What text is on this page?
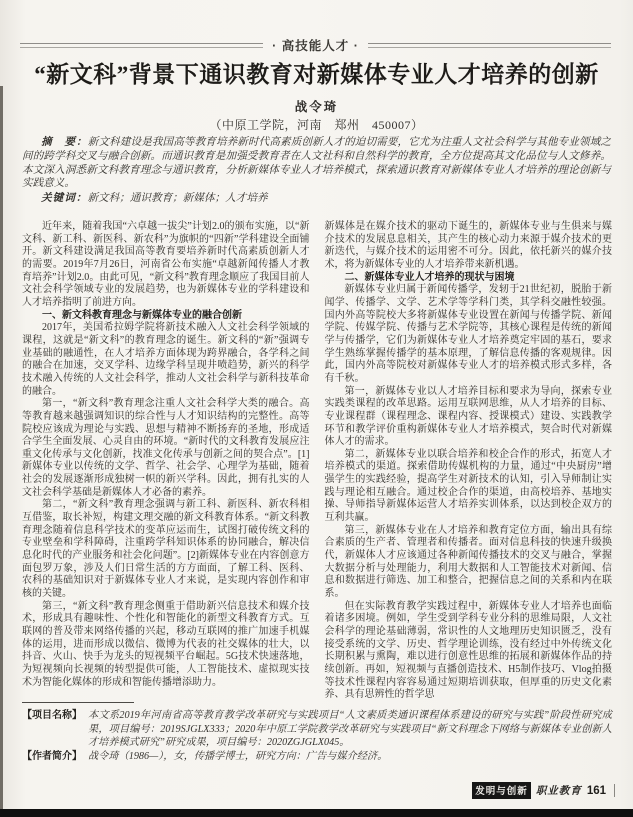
· 高技能人才 ·
“新文科”背景下通识教育对新媒体专业人才培养的创新
战令琦
（中原工学院，河南　郑州　450007）

摘　要：新文科建设是我国高等教育培养新时代高素质创新人才的迫切需要，它尤为注重人文社会科学与其他专业领域之间的跨学科交叉与融合创新。而通识教育是加强受教育者在人文社科和自然科学的教育，全方位提高其文化品位与人文修养。本文深入洞悉新文科教育理念与通识教育，分析新媒体专业人才培养模式，探索通识教育对新媒体专业人才培养的理论创新与实践意义。

关键词：新文科；通识教育；新媒体；人才培养

近年来，随着我国“六卓越一拔尖”计划2.0的颁布实施，以“新文科、新工科、新医科、新农科”为旗帜的“四新”学科建设全面铺开。新文科建设满足我国高等教育要培养新时代高素质创新人才的需要。2019年7月26日，河南省公布实施“卓越新闻传播人才教育培养”计划2.0。由此可见，“新文科”教育理念顺应了我国目前人文社会科学领域专业的发展趋势，也为新媒体专业的学科建设和人才培养指明了前进方向。

一、新文科教育理念与新媒体专业的融合创新

2017年，美国希拉姆学院将新技术融入人文社会科学领域的课程，这就是“新文科”的教育理念的诞生。新文科的“新”强调专业基础的融通性，在人才培养方面体现为跨界融合，各学科之间的融合在加速，交叉学科、边缘学科呈现井喷趋势，新兴的科学技术融入传统的人文社会科学，推动人文社会科学与新科技革命的融合。

第一，“新文科”教育理念注重人文社会科学大类的融合。高等教育越来越强调知识的综合性与人才知识结构的完整性。高等院校应该成为理论与实践、思想与精神不断扬弃的圣地，形成适合学生全面发展、心灵自由的环境。“新时代的文科教育发展应注重文化传承与文化创新，找准文化传承与创新之间的契合点”。[1]新媒体专业以传统的文学、哲学、社会学、心理学为基础，随着社会的发展逐渐形成独树一帜的新兴学科。因此，拥有扎实的人文社会科学基础是新媒体人才必备的素养。

第二，“新文科”教育理念强调与新工科、新医科、新农科相互借鉴，取长补短，构建文理交融的新文科教育体系。“新文科教育理念随着信息科学技术的变革应运而生，试图打破传统文科的专业壁垒和学科障碍，注重跨学科知识体系的协同融合，解决信息化时代的产业服务和社会化问题”。[2]新媒体专业在内容创意方面包罗万象，涉及人们日常生活的方方面面，了解工科、医科、农科的基础知识对于新媒体专业人才来说，是实现内容创作和审核的关键。

第三，“新文科”教育理念侧重于借助新兴信息技术和媒介技术，形成具有趣味性、个性化和智能化的新型文科教育方式。互联网的普及带来网络传播的兴起，移动互联网的推广加速手机媒体的运用，进而形成以微信、微博为代表的社交媒体的壮大，以抖音、火山、快手为龙头的短视频平台崛起。5G技术快速落地，为短视频向长视频的转型提供可能，人工智能技术、虚拟现实技术为智能化媒体的形成和智能传播增添助力。

新媒体是在媒介技术的驱动下诞生的，新媒体专业与生俱来与媒介技术的发展息息相关，其产生的核心动力来源于媒介技术的更新迭代，与媒介技术的运用密不可分。因此，依托新兴的媒介技术，将为新媒体专业的人才培养带来新机遇。

二、新媒体专业人才培养的现状与困境

新媒体专业归属于新闻传播学，发轫于21世纪初，脱胎于新闻学、传播学、文学、艺术学等学科门类，其学科交融性较强。国内外高等院校大多将新媒体专业设置在新闻与传播学院、新闻学院、传媒学院、传播与艺术学院等，其核心课程是传统的新闻学与传播学，它们为新媒体专业人才培养奠定牢固的基石，要求学生熟练掌握传播学的基本原理，了解信息传播的客观规律。因此，国内外高等院校对新媒体专业人才的培养模式形式多样，各有千秋。

第一，新媒体专业以人才培养目标和要求为导向，探索专业实践类课程的改革思路。运用互联网思维，从人才培养的目标、专业课程群（课程理念、课程内容、授课模式）建设、实践教学环节和教学评价重构新媒体专业人才培养模式，契合时代对新媒体人才的需求。

第二，新媒体专业以联合培养和校企合作的形式，拓宽人才培养模式的渠道。探索借助传媒机构的力量，通过“中央厨房”增强学生的实践经验，提高学生对新技术的认知，引入导师制让实践与理论相互融合。通过校企合作的渠道，由高校培养、基地实操、导师指导新媒体运营人才培养实训体系，以达到校企双方的互利共赢。

第三，新媒体专业在人才培养和教育定位方面，输出具有综合素质的生产者、管理者和传播者。面对信息科技的快速升级换代，新媒体人才应该通过各种新闻传播技术的交叉与融合，掌握大数据分析与处理能力，利用大数据和人工智能技术对新闻、信息和数据进行筛选、加工和整合，把握信息之间的关系和内在联系。

但在实际教育教学实践过程中，新媒体专业人才培养也面临着诸多困境。例如，学生受到学科专业分科的思维局限，人文社会科学的理论基础薄弱，常识性的人文地理历史知识匮乏，没有接受系统的文学、历史、哲学理论训练，没有经过中外传统文化长期积累与熏陶，难以进行创意性思维的拓展和新媒体作品的持续创新。再如，短视频与直播创造技术、H5制作技巧、Vlog拍摄等技术性课程内容容易通过短期培训获取，但厚重的历史文化素养、具有思辨性的哲学思

【项目名称】 本文系2019年河南省高等教育教学改革研究与实践项目“人文素质类通识课程体系建设的研究与实践”阶段性研究成果，项目编号：2019SJGLX333；2020年中原工学院教学改革研究与实践项目“新文科理念下网络与新媒体专业创新人才培养模式研究”研究成果，项目编号：2020ZGJGLX045。
【作者简介】 战令琦（1986—），女，传播学博士，研究方向：广告与媒介经济。
发明与创新 职业教育 161
